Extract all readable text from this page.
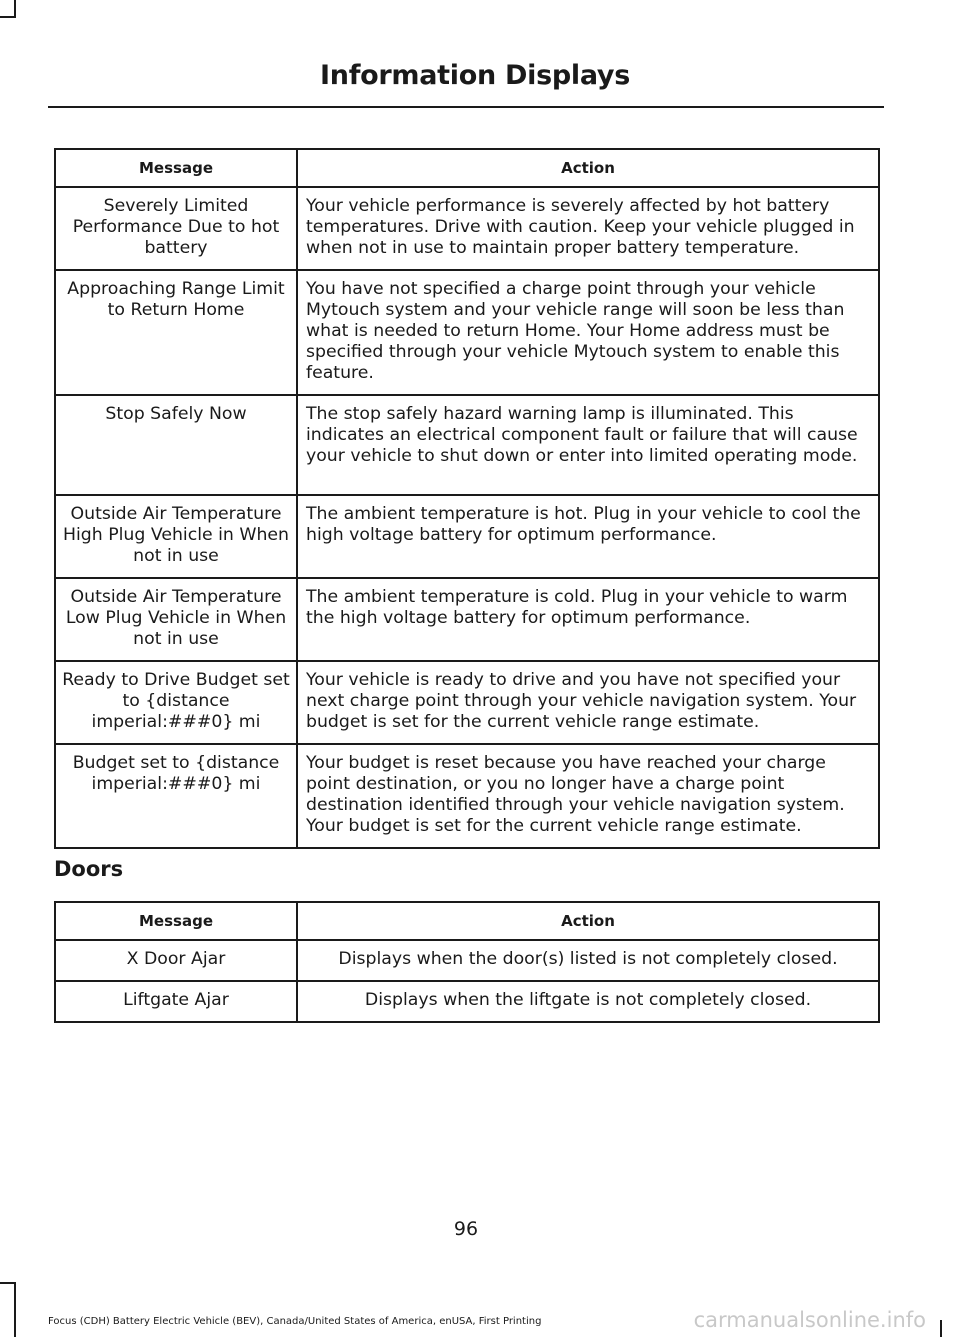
Information Displays
Message	Action
Severely Limited Performance Due to hot battery	Your vehicle performance is severely affected by hot battery temperatures. Drive with caution. Keep your vehicle plugged in when not in use to maintain proper battery temperature.
Approaching Range Limit to Return Home	You have not specified a charge point through your vehicle Mytouch system and your vehicle range will soon be less than what is needed to return Home. Your Home address must be specified through your vehicle Mytouch system to enable this feature.
Stop Safely Now	The stop safely hazard warning lamp is illuminated. This indicates an electrical component fault or failure that will cause your vehicle to shut down or enter into limited operating mode.
Outside Air Temperature High Plug Vehicle in When not in use	The ambient temperature is hot. Plug in your vehicle to cool the high voltage battery for optimum performance.
Outside Air Temperature Low Plug Vehicle in When not in use	The ambient temperature is cold. Plug in your vehicle to warm the high voltage battery for optimum performance.
Ready to Drive Budget set to {distance imperial:###0} mi	Your vehicle is ready to drive and you have not specified your next charge point through your vehicle navigation system. Your budget is set for the current vehicle range estimate.
Budget set to {distance imperial:###0} mi	Your budget is reset because you have reached your charge point destination, or you no longer have a charge point destination identified through your vehicle navigation system. Your budget is set for the current vehicle range estimate.
Doors
Message	Action
X Door Ajar	Displays when the door(s) listed is not completely closed.
Liftgate Ajar	Displays when the liftgate is not completely closed.
96
Focus (CDH) Battery Electric Vehicle (BEV), Canada/United States of America, enUSA, First Printing	carmanualsonline.info
